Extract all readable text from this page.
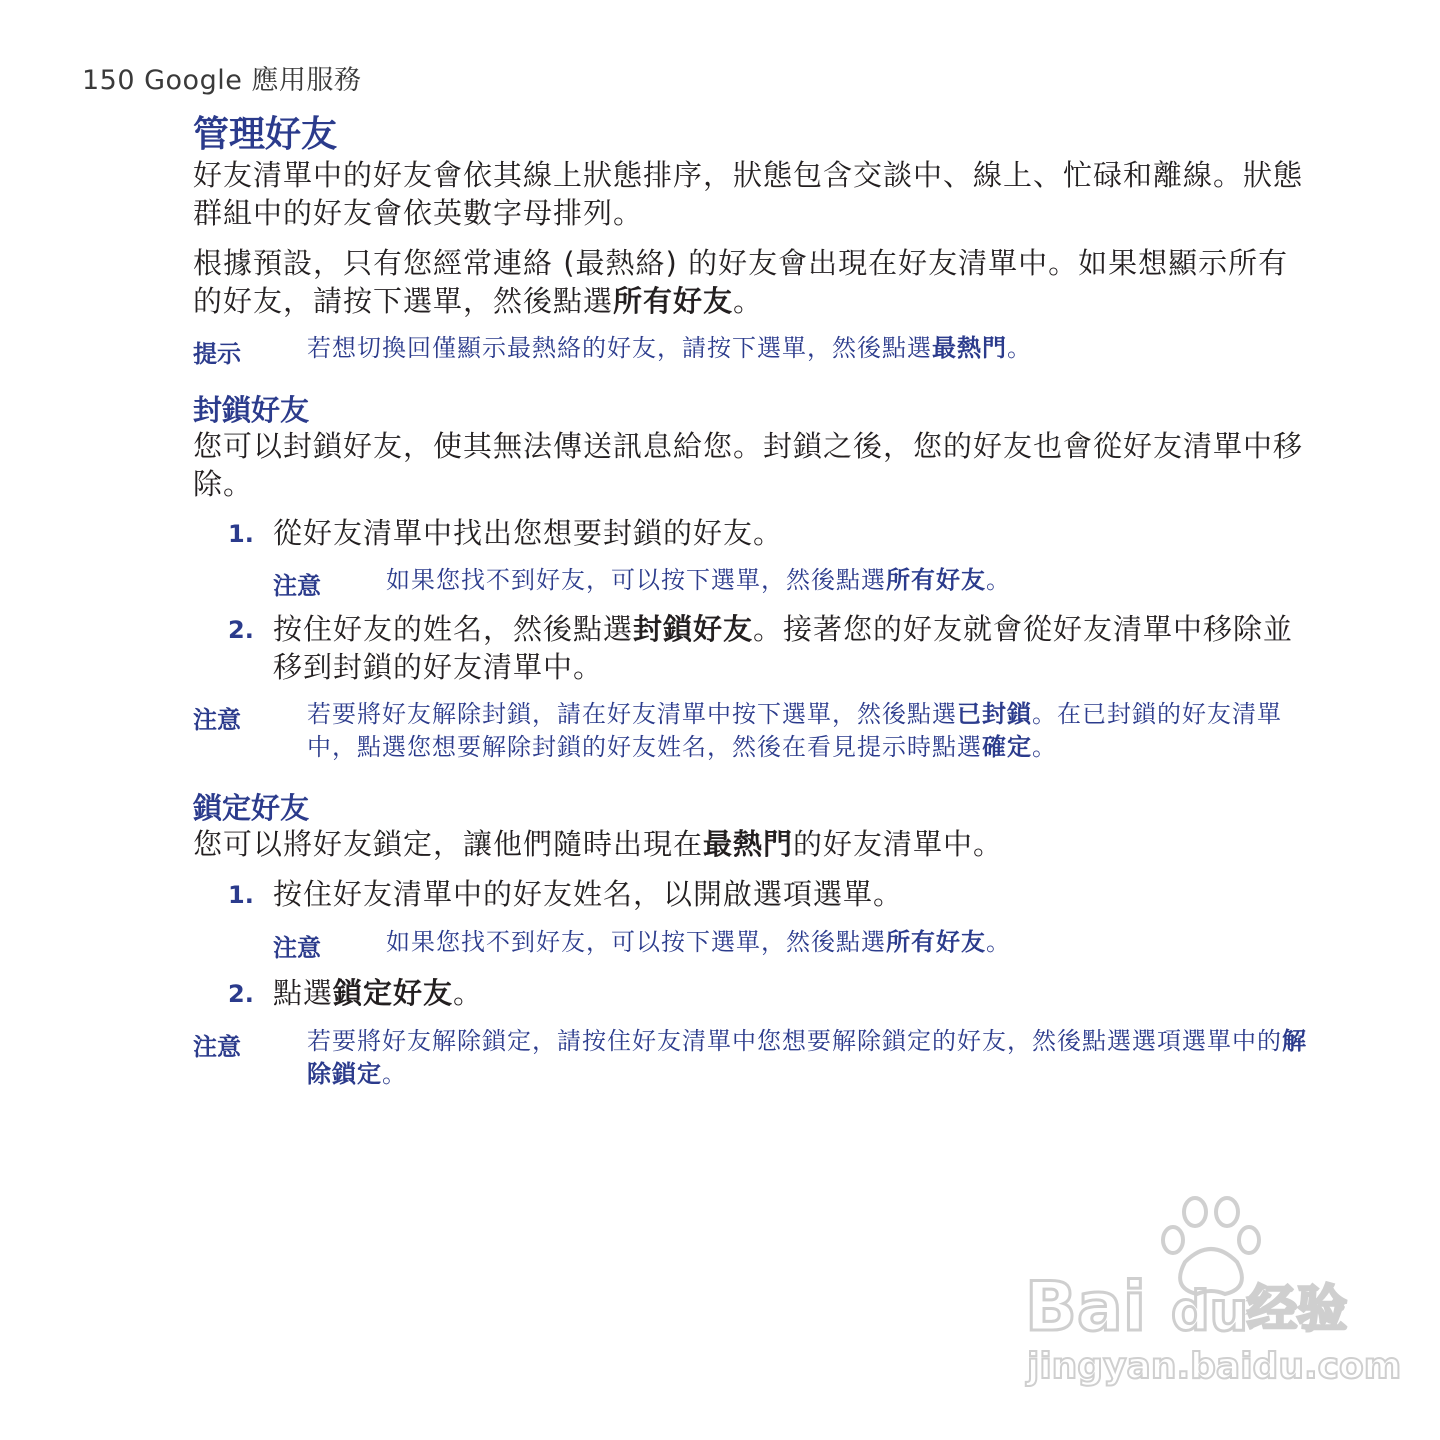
150 Google 應用服務
管理好友

好友清單中的好友會依其線上狀態排序，狀態包含交談中、線上、忙碌和離線。狀態群組中的好友會依英數字母排列。

根據預設，只有您經常連絡 (最熱絡) 的好友會出現在好友清單中。如果想顯示所有的好友，請按下選單，然後點選所有好友。

提示	若想切換回僅顯示最熱絡的好友，請按下選單，然後點選最熱門。
封鎖好友

您可以封鎖好友，使其無法傳送訊息給您。封鎖之後，您的好友也會從好友清單中移除。

1. 從好友清單中找出您想要封鎖的好友。

注意	如果您找不到好友，可以按下選單，然後點選所有好友。
2. 按住好友的姓名，然後點選封鎖好友。接著您的好友就會從好友清單中移除並移到封鎖的好友清單中。

注意	若要將好友解除封鎖，請在好友清單中按下選單，然後點選已封鎖。在已封鎖的好友清單中，點選您想要解除封鎖的好友姓名，然後在看見提示時點選確定。
鎖定好友

您可以將好友鎖定，讓他們隨時出現在最熱門的好友清單中。

1. 按住好友清單中的好友姓名，以開啟選項選單。

注意	如果您找不到好友，可以按下選單，然後點選所有好友。
2. 點選鎖定好友。

注意	若要將好友解除鎖定，請按住好友清單中您想要解除鎖定的好友，然後點選選項選單中的解除鎖定。
Bai du
经验
jingyan.baidu.com
